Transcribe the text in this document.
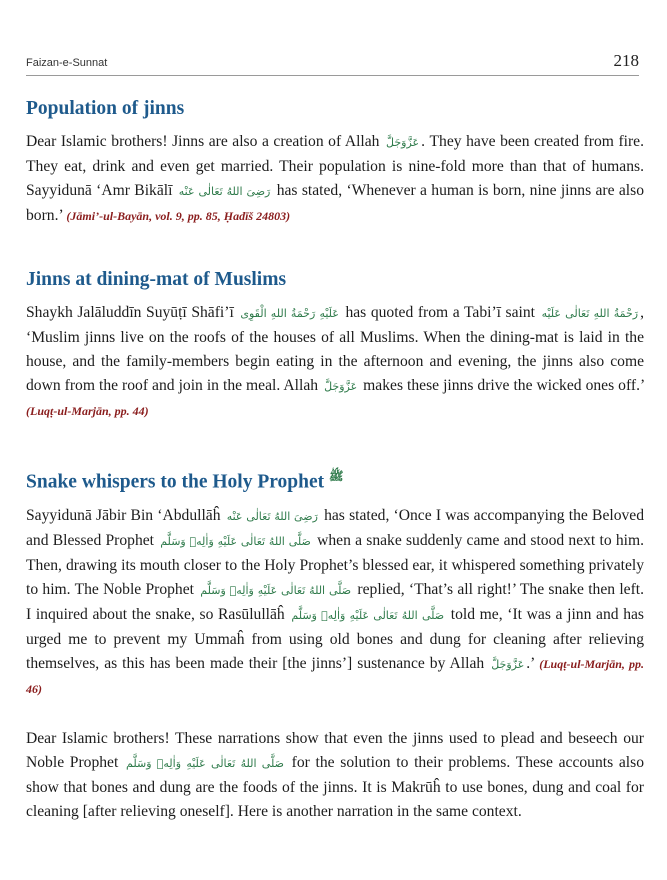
Faizan-e-Sunnat	218
Population of jinns

Dear Islamic brothers! Jinns are also a creation of Allah عَزَّوَجَلَّ . They have been created from fire. They eat, drink and even get married. Their population is nine-fold more than that of humans. Sayyidunā ‘Amr Bikālī رَضِیَ اللهُ تَعَالٰی عَنْه has stated, ‘Whenever a human is born, nine jinns are also born.’ (Jāmi’-ul-Bayān, vol. 9, pp. 85, Ḥadīš 24803)

Jinns at dining-mat of Muslims

Shaykh Jalāluddīn Suyūṭī Shāfi’ī عَلَيْهِ رَحْمَةُ اللهِ الْقَوِی has quoted from a Tabi’ī saint رَحْمَةُ اللهِ تَعَالٰی عَلَيْه , ‘Muslim jinns live on the roofs of the houses of all Muslims. When the dining-mat is laid in the house, and the family-members begin eating in the afternoon and evening, the jinns also come down from the roof and join in the meal. Allah عَزَّوَجَلَّ makes these jinns drive the wicked ones off.’ (Luqṭ-ul-Marjān, pp. 44)

Snake whispers to the Holy Prophet $^ﷺ$

Sayyidunā Jābir Bin ‘Abdullāĥ رَضِیَ اللهُ تَعَالٰی عَنْه has stated, ‘Once I was accompanying the Beloved and Blessed Prophet صَلَّى اللهُ تَعَالٰی عَلَيْهِ وَاٰلِهٖ وَسَلَّم when a snake suddenly came and stood next to him. Then, drawing its mouth closer to the Holy Prophet’s blessed ear, it whispered something privately to him. The Noble Prophet صَلَّى اللهُ تَعَالٰی عَلَيْهِ وَاٰلِهٖ وَسَلَّم replied, ‘That’s all right!’ The snake then left. I inquired about the snake, so Rasūlullāĥ صَلَّى اللهُ تَعَالٰی عَلَيْهِ وَاٰلِهٖ وَسَلَّم told me, ‘It was a jinn and has urged me to prevent my Ummaĥ from using old bones and dung for cleaning after relieving themselves, as this has been made their [the jinns’] sustenance by Allah عَزَّوَجَلَّ .’ (Luqṭ-ul-Marjān, pp. 46)

Dear Islamic brothers! These narrations show that even the jinns used to plead and beseech our Noble Prophet صَلَّى اللهُ تَعَالٰی عَلَيْهِ وَاٰلِهٖ وَسَلَّم for the solution to their problems. These accounts also show that bones and dung are the foods of the jinns. It is Makrūĥ to use bones, dung and coal for cleaning [after relieving oneself]. Here is another narration in the same context.
